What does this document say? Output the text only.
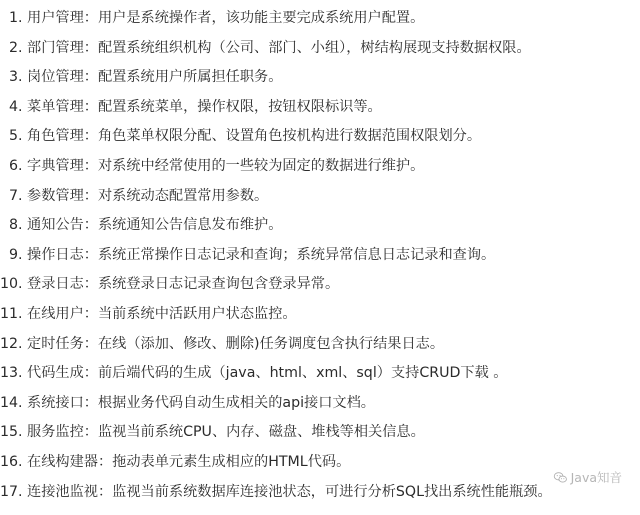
1. 用户管理：用户是系统操作者，该功能主要完成系统用户配置。
2. 部门管理：配置系统组织机构（公司、部门、小组），树结构展现支持数据权限。
3. 岗位管理：配置系统用户所属担任职务。
4. 菜单管理：配置系统菜单，操作权限，按钮权限标识等。
5. 角色管理：角色菜单权限分配、设置角色按机构进行数据范围权限划分。
6. 字典管理：对系统中经常使用的一些较为固定的数据进行维护。
7. 参数管理：对系统动态配置常用参数。
8. 通知公告：系统通知公告信息发布维护。
9. 操作日志：系统正常操作日志记录和查询；系统异常信息日志记录和查询。
10. 登录日志：系统登录日志记录查询包含登录异常。
11. 在线用户：当前系统中活跃用户状态监控。
12. 定时任务：在线（添加、修改、删除)任务调度包含执行结果日志。
13. 代码生成：前后端代码的生成（java、html、xml、sql）支持CRUD下载 。
14. 系统接口：根据业务代码自动生成相关的api接口文档。
15. 服务监控：监视当前系统CPU、内存、磁盘、堆栈等相关信息。
16. 在线构建器：拖动表单元素生成相应的HTML代码。
17. 连接池监视：监视当前系统数据库连接池状态，可进行分析SQL找出系统性能瓶颈。
Java知音
